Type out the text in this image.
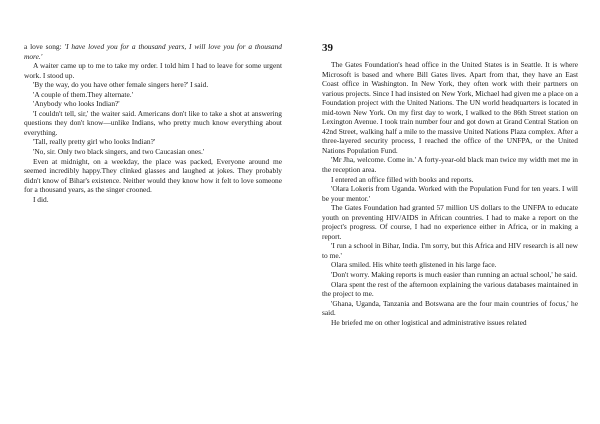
a love song: 'I have loved you for a thousand years, I will love you for a thousand more.'

A waiter came up to me to take my order. I told him I had to leave for some urgent work. I stood up.

'By the way, do you have other female singers here?' I said.

'A couple of them.They alternate.'

'Anybody who looks Indian?'

'I couldn't tell, sir,' the waiter said. Americans don't like to take a shot at answering questions they don't know—unlike Indians, who pretty much know everything about everything.

'Tall, really pretty girl who looks Indian?'

'No, sir. Only two black singers, and two Caucasian ones.'

Even at midnight, on a weekday, the place was packed, Everyone around me seemed incredibly happy.They clinked glasses and laughed at jokes. They probably didn't know of Bihar's existence. Neither would they know how it felt to love someone for a thousand years, as the singer crooned.

I did.

39

The Gates Foundation's head office in the United States is in Seattle. It is where Microsoft is based and where Bill Gates lives. Apart from that, they have an East Coast office in Washington. In New York, they often work with their partners on various projects. Since I had insisted on New York, Michael had given me a place on a Foundation project with the United Nations. The UN world headquarters is located in mid-town New York. On my first day to work, I walked to the 86th Street station on Lexington Avenue. I took train number four and got down at Grand Central Station on 42nd Street, walking half a mile to the massive United Nations Plaza complex. After a three-layered security process, I reached the office of the UNFPA, or the United Nations Population Fund.

'Mr Jha, welcome. Come in.' A forty-year-old black man twice my width met me in the reception area.

I entered an office filled with books and reports.

'Olara Lokeris from Uganda. Worked with the Population Fund for ten years. I will be your mentor.'

The Gates Foundation had granted 57 million US dollars to the UNFPA to educate youth on preventing HIV/AIDS in African countries. I had to make a report on the project's progress. Of course, I had no experience either in Africa, or in making a report.

'I run a school in Bihar, India. I'm sorry, but this Africa and HIV research is all new to me.'

Olara smiled. His white teeth glistened in his large face.

'Don't worry. Making reports is much easier than running an actual school,' he said.

Olara spent the rest of the afternoon explaining the various databases maintained in the project to me.

'Ghana, Uganda, Tanzania and Botswana are the four main countries of focus,' he said.

He briefed me on other logistical and administrative issues related
